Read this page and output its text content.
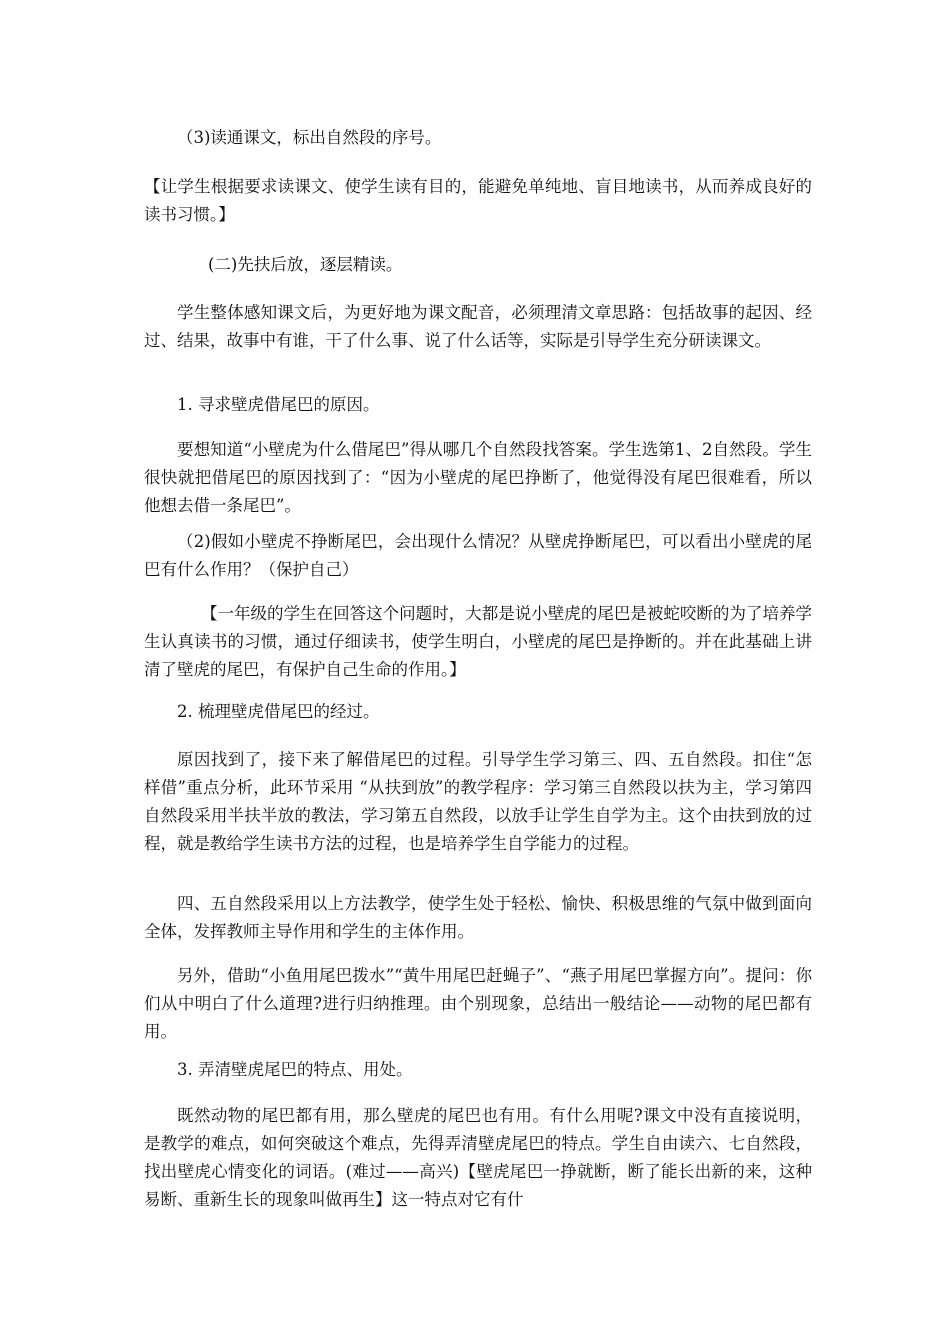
（3)读通课文，标出自然段的序号。

【让学生根据要求读课文、使学生读有目的，能避免单纯地、盲目地读书，从而养成良好的读书习惯。】

(二)先扶后放，逐层精读。

学生整体感知课文后，为更好地为课文配音，必须理清文章思路：包括故事的起因、经过、结果，故事中有谁，干了什么事、说了什么话等，实际是引导学生充分研读课文。

1. 寻求壁虎借尾巴的原因。

要想知道“小壁虎为什么借尾巴”得从哪几个自然段找答案。学生选第1、2自然段。学生很快就把借尾巴的原因找到了：“因为小壁虎的尾巴挣断了，他觉得没有尾巴很难看，所以他想去借一条尾巴”。

（2)假如小壁虎不挣断尾巴，会出现什么情况？从壁虎挣断尾巴，可以看出小壁虎的尾巴有什么作用？（保护自己）

【一年级的学生在回答这个问题时，大都是说小壁虎的尾巴是被蛇咬断的为了培养学生认真读书的习惯，通过仔细读书，使学生明白，小壁虎的尾巴是挣断的。并在此基础上讲清了壁虎的尾巴，有保护自己生命的作用。】

2. 梳理壁虎借尾巴的经过。

原因找到了，接下来了解借尾巴的过程。引导学生学习第三、四、五自然段。扣住“怎样借”重点分析，此环节采用 “从扶到放”的教学程序：学习第三自然段以扶为主，学习第四自然段采用半扶半放的教法，学习第五自然段，以放手让学生自学为主。这个由扶到放的过程，就是教给学生读书方法的过程，也是培养学生自学能力的过程。

四、五自然段采用以上方法教学，使学生处于轻松、愉快、积极思维的气氛中做到面向全体，发挥教师主导作用和学生的主体作用。

另外，借助“小鱼用尾巴拨水”“黄牛用尾巴赶蝇子”、“燕子用尾巴掌握方向”。提问：你们从中明白了什么道理?进行归纳推理。由个别现象，总结出一般结论——动物的尾巴都有用。

3. 弄清壁虎尾巴的特点、用处。

既然动物的尾巴都有用，那么壁虎的尾巴也有用。有什么用呢?课文中没有直接说明，是教学的难点，如何突破这个难点，先得弄清壁虎尾巴的特点。学生自由读六、七自然段，找出壁虎心情变化的词语。(难过——高兴)【壁虎尾巴一挣就断，断了能长出新的来，这种易断、重新生长的现象叫做再生】这一特点对它有什
